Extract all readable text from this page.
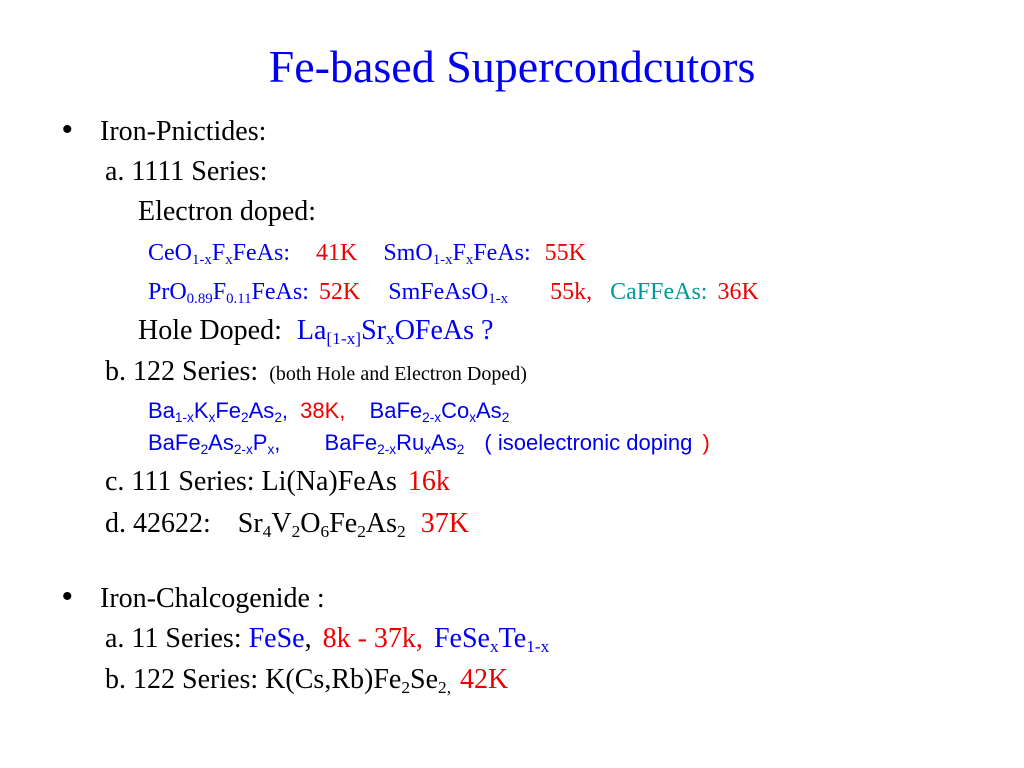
Fe-based Supercondcutors
• Iron-Pnictides:
a. 1111 Series:
Electron doped:
$CeO_{1-x}F_xFeAs$: 41K $SmO_{1-x}F_xFeAs$: 55K
$PrO_{0.89}F_{0.11}FeAs$: 52K SmFeAsO$_{1-x}$ 55k, CaFFeAs: 36K
Hole Doped: $La_{[1-x]}Sr_xOFeAs$ ?
b. 122 Series: (both Hole and Electron Doped)
$Ba_{1-x}K_xFe_2As_2$, 38K, $BaFe_{2-x}Co_xAs_2$
$BaFe_2As_{2-x}P_x$, $BaFe_{2-x}Ru_xAs_2$ ( isoelectronic doping )
c. 111 Series: Li(Na)FeAs 16k
d. 42622: $Sr_4V_2O_6Fe_2As_2$ 37K
• Iron-Chalcogenide :
a. 11 Series: FeSe, 8k - 37k, $FeSe_xTe_{1-x}$
b. 122 Series: $K(Cs,Rb)Fe_2Se_{2,}$ 42K
